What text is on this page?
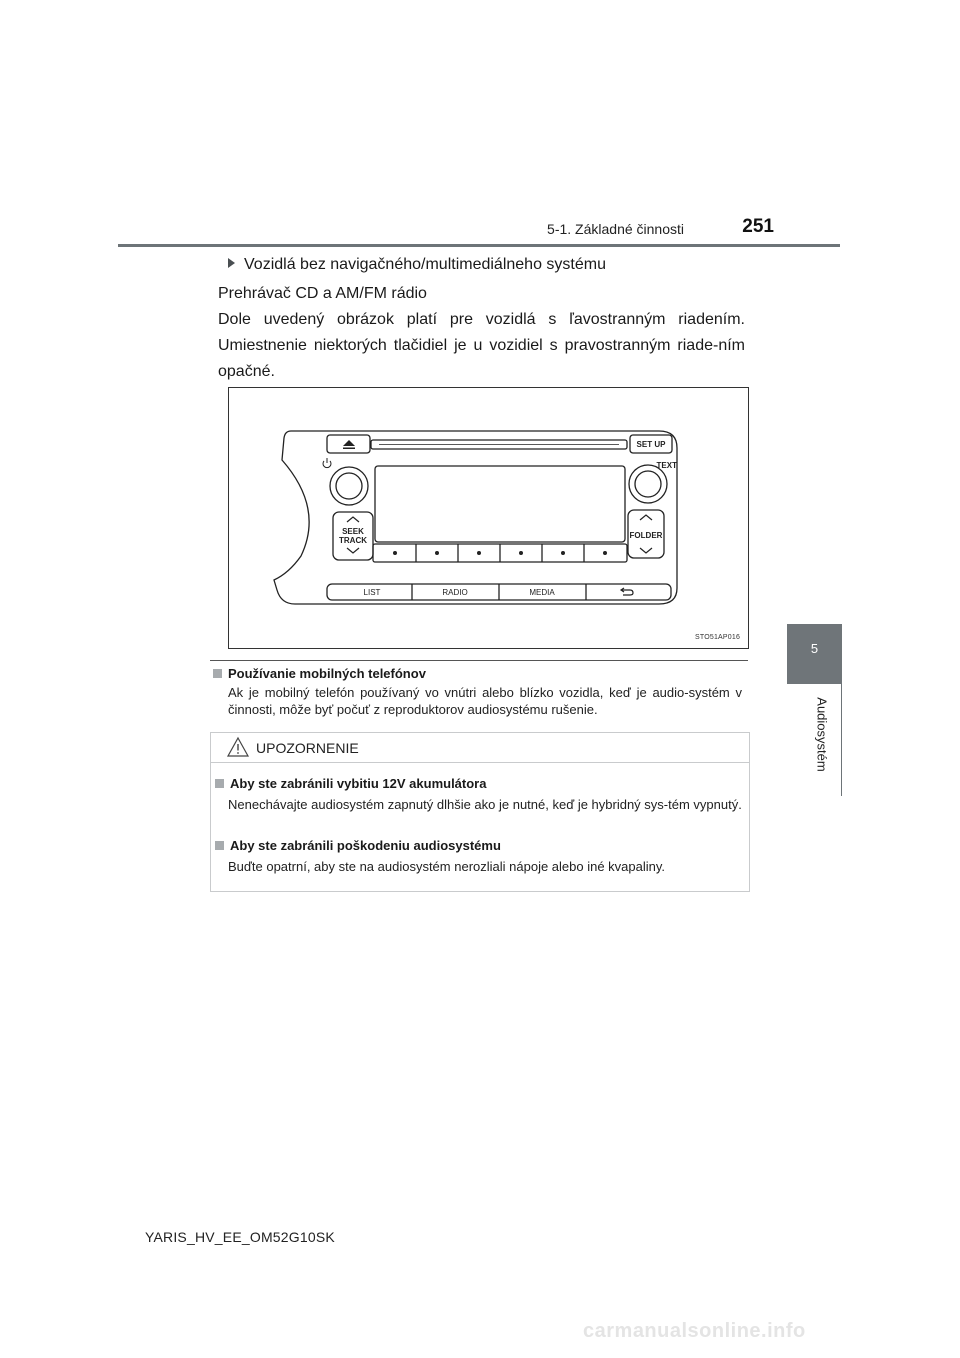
5-1. Základné činnosti	251
5
Audiosystém
Vozidlá bez navigačného/multimediálneho systému
Prehrávač CD a AM/FM rádio
Dole uvedený obrázok platí pre vozidlá s ľavostranným riadením. Umiestnenie niektorých tlačidiel je u vozidiel s pravostranným riade-ním opačné.
SET UP
TEXT
SEEK
TRACK
FOLDER
LIST	RADIO	MEDIA
STO51AP016
Používanie mobilných telefónov
Ak je mobilný telefón používaný vo vnútri alebo blízko vozidla, keď je audio-systém v činnosti, môže byť počuť z reproduktorov audiosystému rušenie.
UPOZORNENIE
Aby ste zabránili vybitiu 12V akumulátora
Nenechávajte audiosystém zapnutý dlhšie ako je nutné, keď je hybridný sys-tém vypnutý.
Aby ste zabránili poškodeniu audiosystému
Buďte opatrní, aby ste na audiosystém nerozliali nápoje alebo iné kvapaliny.
YARIS_HV_EE_OM52G10SK
carmanualsonline.info
